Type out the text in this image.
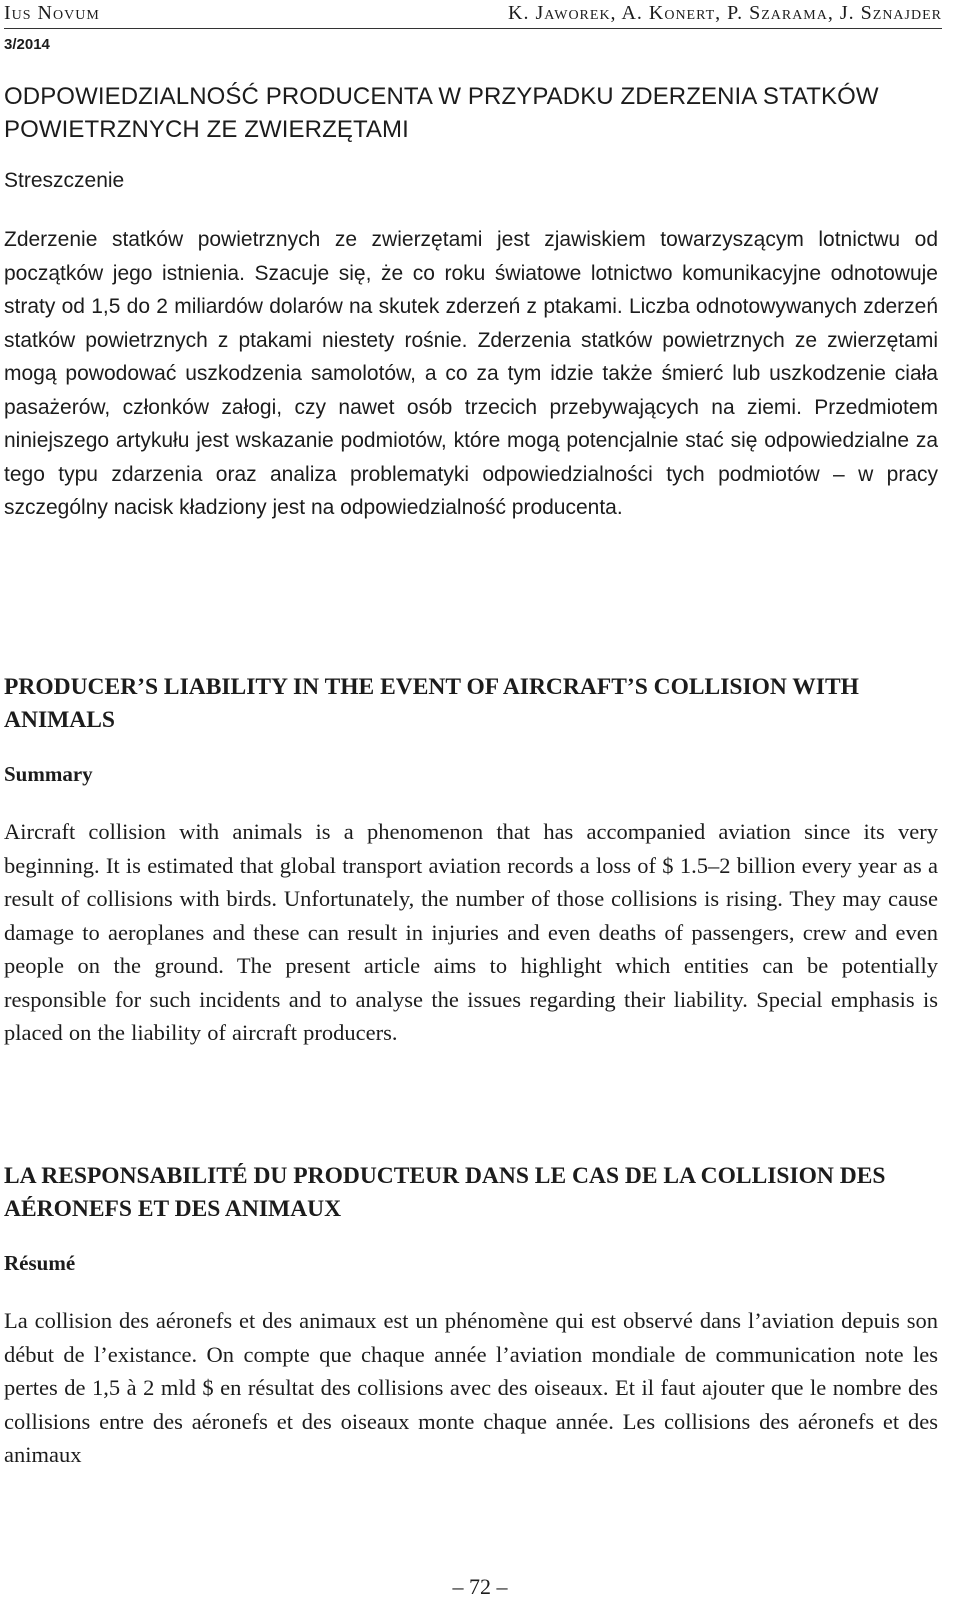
Ius Novum	K. Jaworek, A. Konert, P. Szarama, J. Sznajder
3/2014
ODPOWIEDZIALNOŚĆ PRODUCENTA W PRZYPADKU ZDERZENIA STATKÓW POWIETRZNYCH ZE ZWIERZĘTAMI
Streszczenie

Zderzenie statków powietrznych ze zwierzętami jest zjawiskiem towarzyszącym lotnictwu od początków jego istnienia. Szacuje się, że co roku światowe lotnictwo komunikacyjne odnotowuje straty od 1,5 do 2 miliardów dolarów na skutek zderzeń z ptakami. Liczba odnotowywanych zderzeń statków powietrznych z ptakami niestety rośnie. Zderzenia statków powietrznych ze zwierzętami mogą powodować uszkodzenia samolotów, a co za tym idzie także śmierć lub uszkodzenie ciała pasażerów, członków załogi, czy nawet osób trzecich przebywających na ziemi. Przedmiotem niniejszego artykułu jest wskazanie podmiotów, które mogą potencjalnie stać się odpowiedzialne za tego typu zdarzenia oraz analiza problematyki odpowiedzialności tych podmiotów – w pracy szczególny nacisk kładziony jest na odpowiedzialność producenta.

PRODUCER’S LIABILITY IN THE EVENT OF AIRCRAFT’S COLLISION WITH ANIMALS
Summary

Aircraft collision with animals is a phenomenon that has accompanied aviation since its very beginning. It is estimated that global transport aviation records a loss of $ 1.5–2 billion every year as a result of collisions with birds. Unfortunately, the number of those collisions is rising. They may cause damage to aeroplanes and these can result in injuries and even deaths of passengers, crew and even people on the ground. The present article aims to highlight which entities can be potentially responsible for such incidents and to analyse the issues regarding their liability. Special emphasis is placed on the liability of aircraft producers.

LA RESPONSABILITÉ DU PRODUCTEUR DANS LE CAS DE LA COLLISION DES AÉRONEFS ET DES ANIMAUX
Résumé

La collision des aéronefs et des animaux est un phénomène qui est observé dans l’aviation depuis son début de l’existance. On compte que chaque année l’aviation mondiale de communication note les pertes de 1,5 à 2 mld $ en résultat des collisions avec des oiseaux. Et il faut ajouter que le nombre des collisions entre des aéronefs et des oiseaux monte chaque année. Les collisions des aéronefs et des animaux

– 72 –
